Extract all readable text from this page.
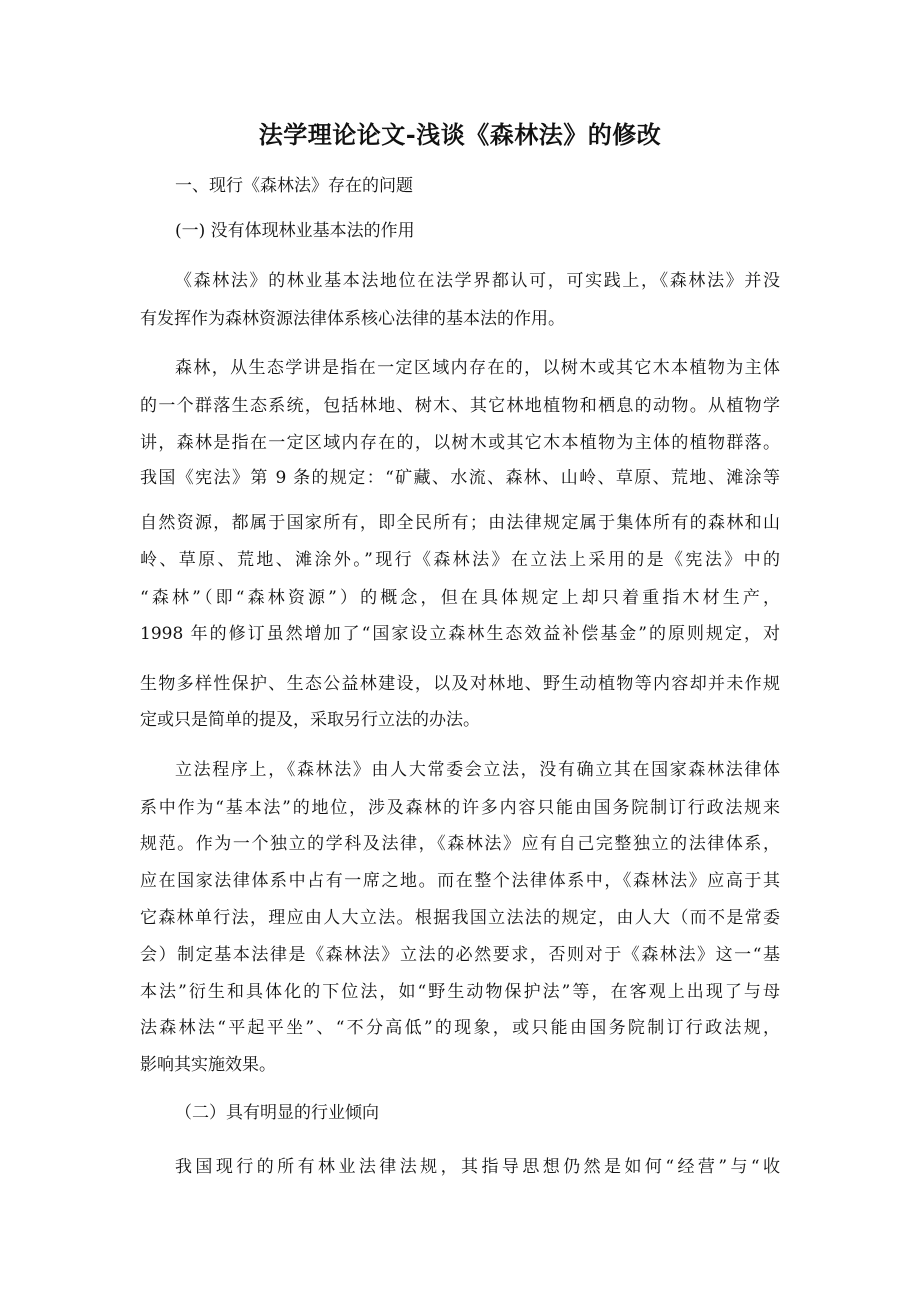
法学理论论文-浅谈《森林法》的修改
一、现行《森林法》存在的问题
(一) 没有体现林业基本法的作用
《森林法》的林业基本法地位在法学界都认可，可实践上，《森林法》并没
有发挥作为森林资源法律体系核心法律的基本法的作用。
森林，从生态学讲是指在一定区域内存在的，以树木或其它木本植物为主体
的一个群落生态系统，包括林地、树木、其它林地植物和栖息的动物。从植物学
讲，森林是指在一定区域内存在的，以树木或其它木本植物为主体的植物群落。
我国《宪法》第 9 条的规定：“矿藏、水流、森林、山岭、草原、荒地、滩涂等
自然资源，都属于国家所有，即全民所有；由法律规定属于集体所有的森林和山
岭、草原、荒地、滩涂外。”现行《森林法》在立法上采用的是《宪法》中的
“森林”（即“森林资源”）的概念，但在具体规定上却只着重指木材生产，
1998 年的修订虽然增加了“国家设立森林生态效益补偿基金”的原则规定，对
生物多样性保护、生态公益林建设，以及对林地、野生动植物等内容却并未作规
定或只是简单的提及，采取另行立法的办法。
立法程序上，《森林法》由人大常委会立法，没有确立其在国家森林法律体
系中作为“基本法”的地位，涉及森林的许多内容只能由国务院制订行政法规来
规范。作为一个独立的学科及法律，《森林法》应有自己完整独立的法律体系，
应在国家法律体系中占有一席之地。而在整个法律体系中，《森林法》应高于其
它森林单行法，理应由人大立法。根据我国立法法的规定，由人大（而不是常委
会）制定基本法律是《森林法》立法的必然要求，否则对于《森林法》这一“基
本法”衍生和具体化的下位法，如“野生动物保护法”等，在客观上出现了与母
法森林法“平起平坐”、“不分高低”的现象，或只能由国务院制订行政法规，
影响其实施效果。
（二）具有明显的行业倾向
我国现行的所有林业法律法规，其指导思想仍然是如何“经营”与“收
